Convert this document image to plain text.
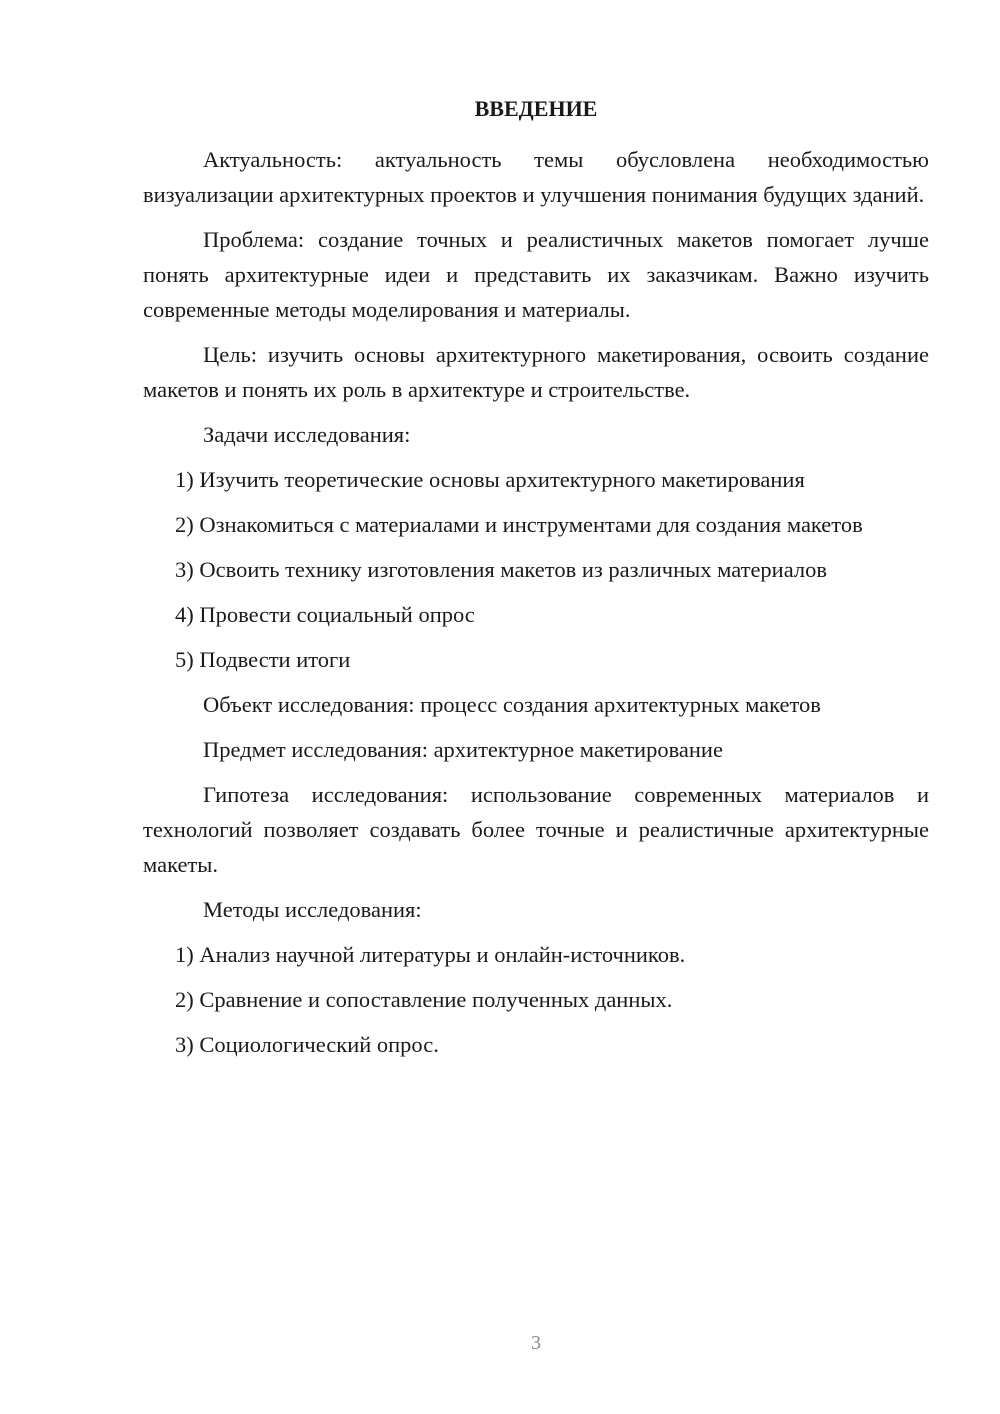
ВВЕДЕНИЕ

Актуальность: актуальность темы обусловлена необходимостью визуализации архитектурных проектов и улучшения понимания будущих зданий.

Проблема: создание точных и реалистичных макетов помогает лучше понять архитектурные идеи и представить их заказчикам. Важно изучить современные методы моделирования и материалы.

Цель: изучить основы архитектурного макетирования, освоить создание макетов и понять их роль в архитектуре и строительстве.

Задачи исследования:

1) Изучить теоретические основы архитектурного макетирования

2) Ознакомиться с материалами и инструментами для создания макетов

3) Освоить технику изготовления макетов из различных материалов

4) Провести социальный опрос

5) Подвести итоги

Объект исследования: процесс создания архитектурных макетов

Предмет исследования: архитектурное макетирование

Гипотеза исследования: использование современных материалов и технологий позволяет создавать более точные и реалистичные архитектурные макеты.

Методы исследования:

1) Анализ научной литературы и онлайн-источников.

2) Сравнение и сопоставление полученных данных.

3) Социологический опрос.

3
